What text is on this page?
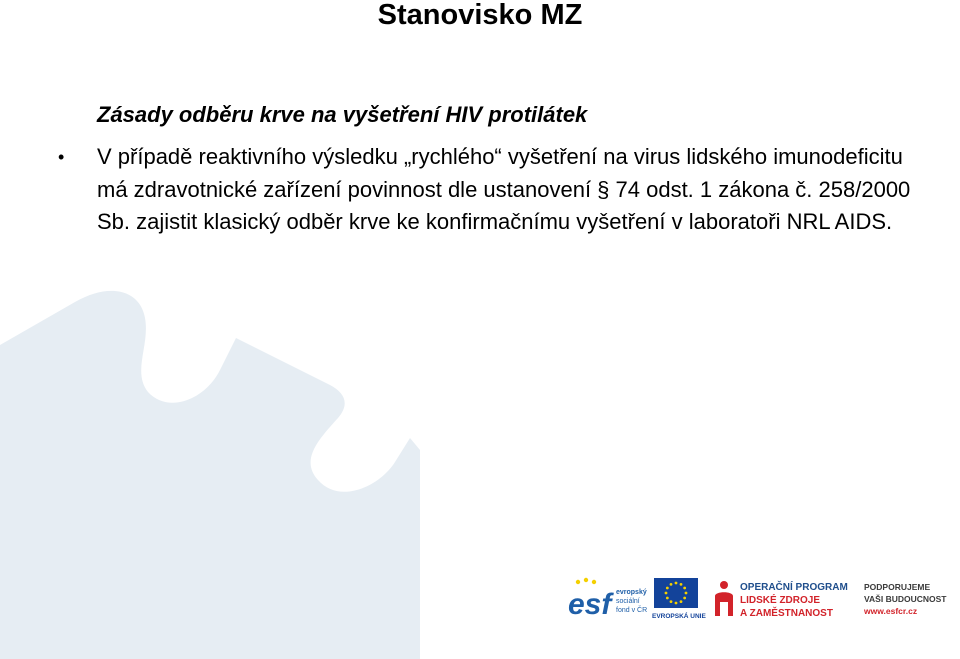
Stanovisko MZ
Zásady odběru krve na vyšetření HIV protilátek
• V případě reaktivního výsledku „rychlého“ vyšetření na virus lidského imunodeficitu má zdravotnické zařízení povinnost dle ustanovení § 74 odst. 1 zákona č. 258/2000 Sb. zajistit klasický odběr krve ke konfirmačnímu vyšetření v laboratoři NRL AIDS.
esf evropský
sociální
fond v ČR
EVROPSKÁ UNIE
OPERAČNÍ PROGRAM
LIDSKÉ ZDROJE
A ZAMĚSTNANOST
PODPORUJEME
VAŠI BUDOUCNOST
www.esfcr.cz
